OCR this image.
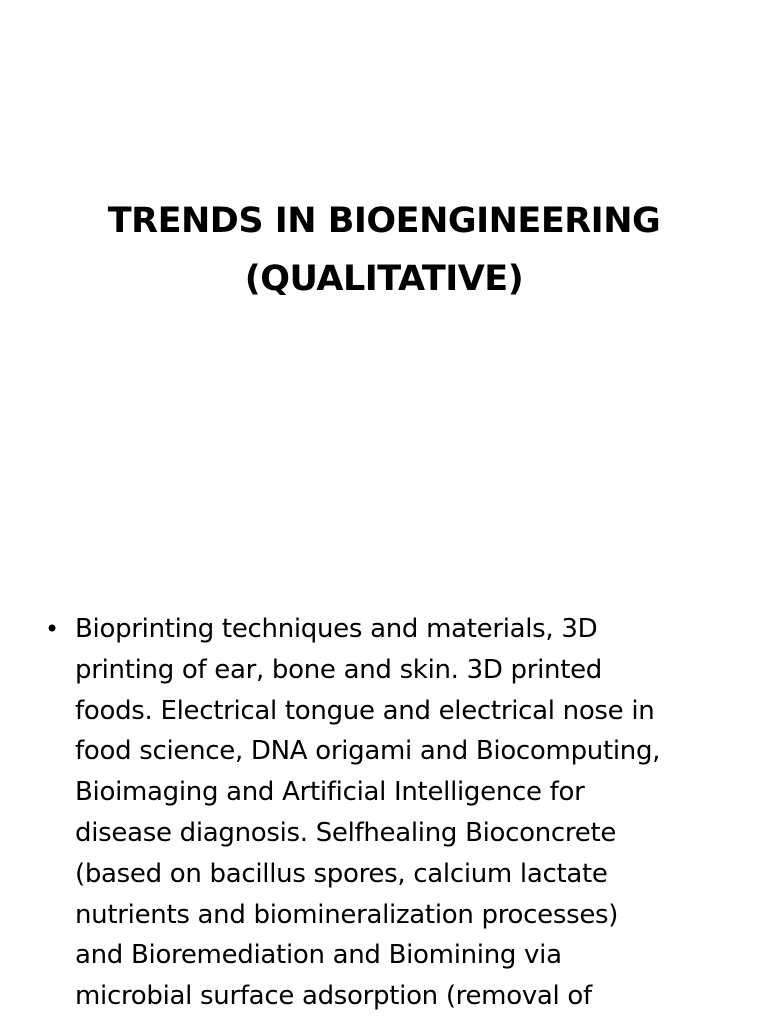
TRENDS IN BIOENGINEERING
(QUALITATIVE)
• Bioprinting techniques and materials, 3D
printing of ear, bone and skin. 3D printed
foods. Electrical tongue and electrical nose in
food science, DNA origami and Biocomputing,
Bioimaging and Artificial Intelligence for
disease diagnosis. Selfhealing Bioconcrete
(based on bacillus spores, calcium lactate
nutrients and biomineralization processes)
and Bioremediation and Biomining via
microbial surface adsorption (removal of
